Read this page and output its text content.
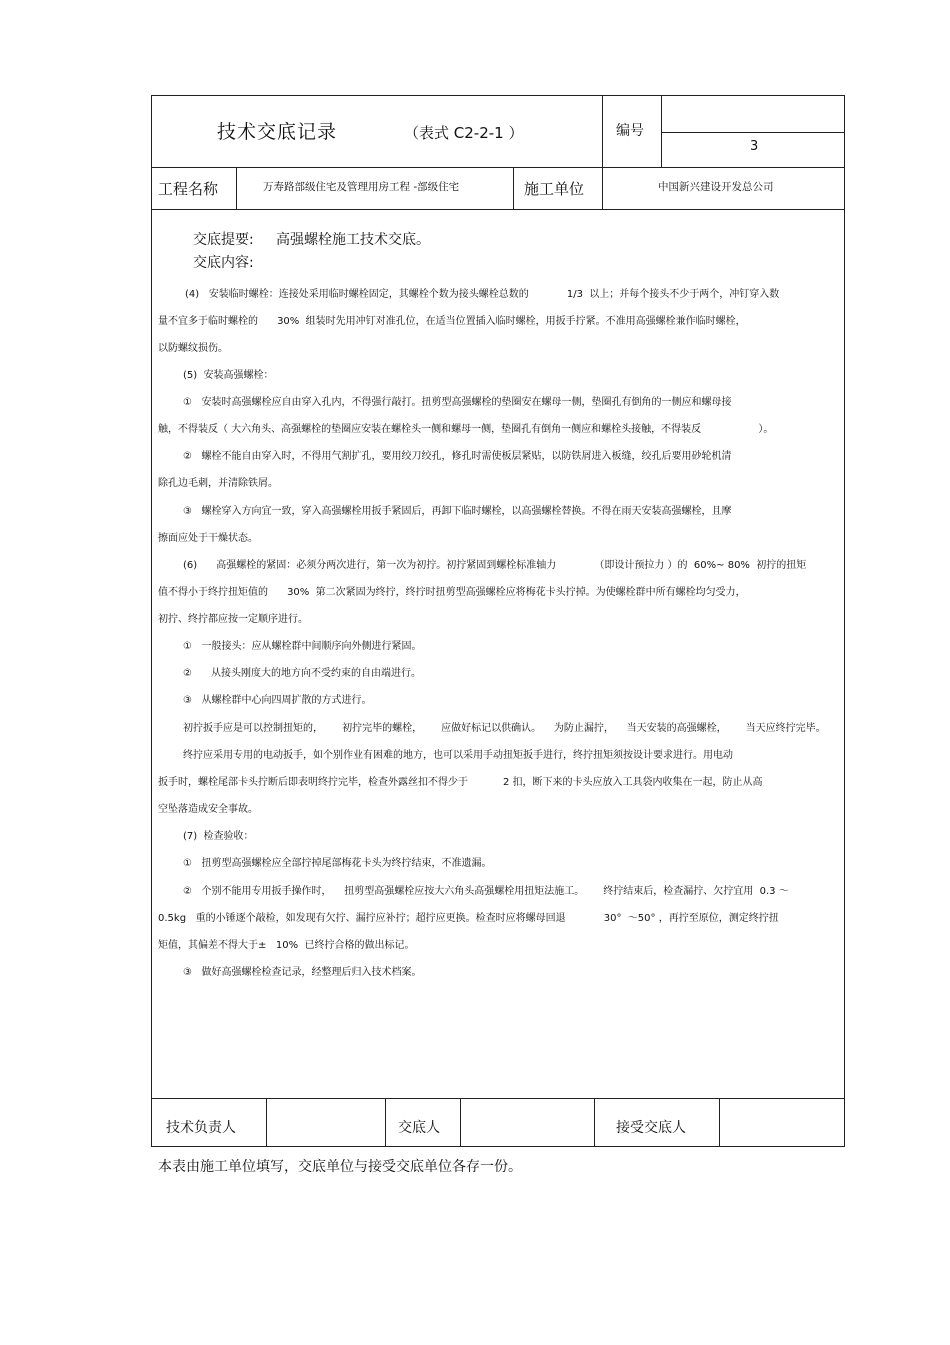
技术交底记录	（表式 C2-2-1 ）	编号
3
工程名称	万寿路部级住宅及管理用房工程 -部级住宅	施工单位	中国新兴建设开发总公司
交底提要: 高强螺栓施工技术交底。
交底内容:
(4)   安装临时螺栓：连接处采用临时螺栓固定，其螺栓个数为接头螺栓总数的            1/3  以上；并每个接头不少于两个，冲钉穿入数
量不宜多于临时螺栓的      30%  组装时先用冲钉对准孔位，在适当位置插入临时螺栓，用扳手拧紧。不准用高强螺栓兼作临时螺栓，
以防螺纹损伤。
(5)  安装高强螺栓：
①   安装时高强螺栓应自由穿入孔内，不得强行敲打。扭剪型高强螺栓的垫圈安在螺母一侧，垫圈孔有倒角的一侧应和螺母接
触，不得装反（ 大六角头、高强螺栓的垫圈应安装在螺栓头一侧和螺母一侧，垫圈孔有倒角一侧应和螺栓头接触，不得装反                  ）。
②   螺栓不能自由穿入时，不得用气割扩孔，要用绞刀绞孔，修孔时需使板层紧贴，以防铁屑进入板缝，绞孔后要用砂轮机清
除孔边毛刺，并清除铁屑。
③   螺栓穿入方向宜一致，穿入高强螺栓用扳手紧固后，再卸下临时螺栓，以高强螺栓替换。不得在雨天安装高强螺栓，且摩
擦面应处于干燥状态。
(6)      高强螺栓的紧固：必须分两次进行，第一次为初拧。初拧紧固到螺栓标准轴力            （即设计预拉力 ）的  60%~ 80%  初拧的扭矩
值不得小于终拧扭矩值的      30%  第二次紧固为终拧，终拧时扭剪型高强螺栓应将梅花卡头拧掉。为使螺栓群中所有螺栓均匀受力，
初拧、终拧都应按一定顺序进行。
①   一般接头：应从螺栓群中间顺序向外侧进行紧固。
②      从接头刚度大的地方向不受约束的自由端进行。
③   从螺栓群中心向四周扩散的方式进行。
初拧扳手应是可以控制扭矩的，      初拧完毕的螺栓，      应做好标记以供确认。    为防止漏拧，    当天安装的高强螺栓，      当天应终拧完毕。
终拧应采用专用的电动扳手，如个别作业有困难的地方，也可以采用手动扭矩扳手进行，终拧扭矩须按设计要求进行。用电动
扳手时，螺栓尾部卡头拧断后即表明终拧完毕，检查外露丝扣不得少于           2 扣，断下来的卡头应放入工具袋内收集在一起，防止从高
空坠落造成安全事故。
(7)  检查验收：
①   扭剪型高强螺栓应全部拧掉尾部梅花卡头为终拧结束，不准遗漏。
②   个别不能用专用扳手操作时，    扭剪型高强螺栓应按大六角头高强螺栓用扭矩法施工。      终拧结束后，检查漏拧、欠拧宜用  0.3 ～
0.5kg   重的小锤逐个敲检，如发现有欠拧、漏拧应补拧；超拧应更换。检查时应将螺母回退            30°  ～50° ，再拧至原位，测定终拧扭
矩值，其偏差不得大于±   10%  已终拧合格的做出标记。
③   做好高强螺栓检查记录，经整理后归入技术档案。
技术负责人	交底人	接受交底人
本表由施工单位填写，交底单位与接受交底单位各存一份。
